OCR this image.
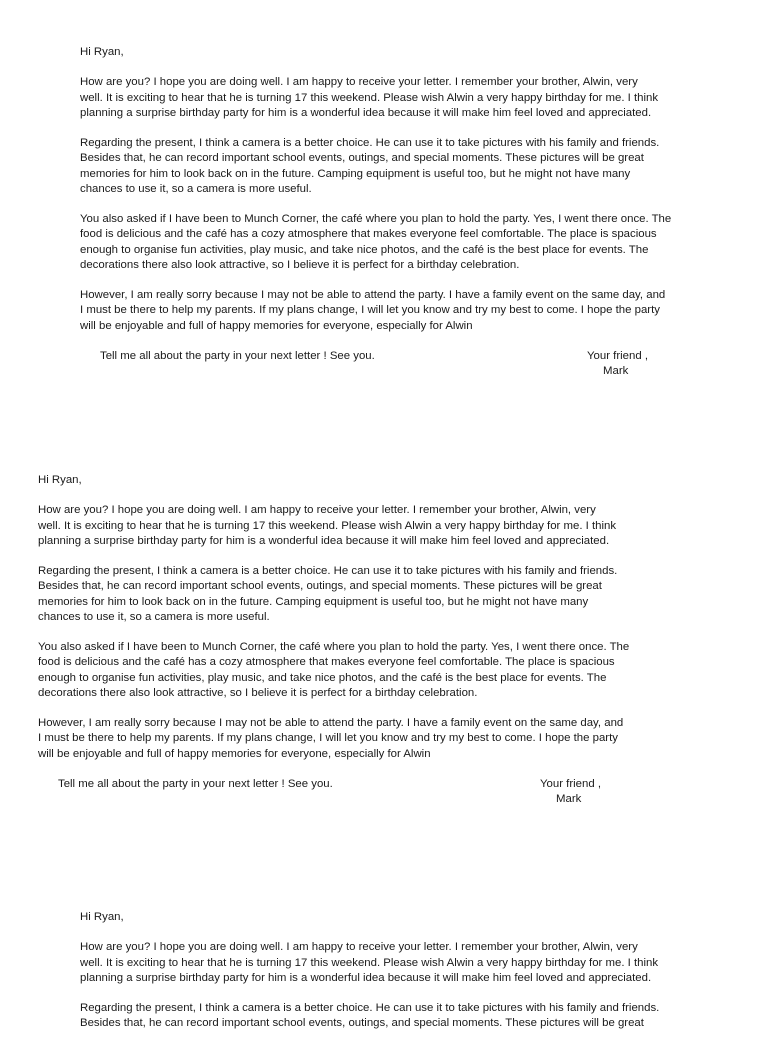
Hi Ryan,

How are you? I hope you are doing well. I am happy to receive your letter. I remember your brother, Alwin, very

well. It is exciting to hear that he is turning 17 this weekend. Please wish Alwin a very happy birthday for me. I think

planning a surprise birthday party for him is a wonderful idea because it will make him feel loved and appreciated.

Regarding the present, I think a camera is a better choice. He can use it to take pictures with his family and friends.

Besides that, he can record important school events, outings, and special moments. These pictures will be great

memories for him to look back on in the future. Camping equipment is useful too, but he might not have many

chances to use it, so a camera is more useful.

You also asked if I have been to Munch Corner, the café where you plan to hold the party. Yes, I went there once. The

food is delicious and the café has a cozy atmosphere that makes everyone feel comfortable. The place is spacious

enough to organise fun activities, play music, and take nice photos, and the café is the best place for events. The

decorations there also look attractive, so I believe it is perfect for a birthday celebration.

However, I am really sorry because I may not be able to attend the party. I have a family event on the same day, and

I must be there to help my parents. If my plans change, I will let you know and try my best to come. I hope the party

will be enjoyable and full of happy memories for everyone, especially for Alwin

Tell me all about the party in your next letter ! See you.	Your friend ,
Mark

Hi Ryan,

How are you? I hope you are doing well. I am happy to receive your letter. I remember your brother, Alwin, very

well. It is exciting to hear that he is turning 17 this weekend. Please wish Alwin a very happy birthday for me. I think

planning a surprise birthday party for him is a wonderful idea because it will make him feel loved and appreciated.

Regarding the present, I think a camera is a better choice. He can use it to take pictures with his family and friends.

Besides that, he can record important school events, outings, and special moments. These pictures will be great

memories for him to look back on in the future. Camping equipment is useful too, but he might not have many

chances to use it, so a camera is more useful.

You also asked if I have been to Munch Corner, the café where you plan to hold the party. Yes, I went there once. The

food is delicious and the café has a cozy atmosphere that makes everyone feel comfortable. The place is spacious

enough to organise fun activities, play music, and take nice photos, and the café is the best place for events. The

decorations there also look attractive, so I believe it is perfect for a birthday celebration.

However, I am really sorry because I may not be able to attend the party. I have a family event on the same day, and

I must be there to help my parents. If my plans change, I will let you know and try my best to come. I hope the party

will be enjoyable and full of happy memories for everyone, especially for Alwin

Tell me all about the party in your next letter ! See you.	Your friend ,
Mark

Hi Ryan,

How are you? I hope you are doing well. I am happy to receive your letter. I remember your brother, Alwin, very

well. It is exciting to hear that he is turning 17 this weekend. Please wish Alwin a very happy birthday for me. I think

planning a surprise birthday party for him is a wonderful idea because it will make him feel loved and appreciated.

Regarding the present, I think a camera is a better choice. He can use it to take pictures with his family and friends.

Besides that, he can record important school events, outings, and special moments. These pictures will be great
